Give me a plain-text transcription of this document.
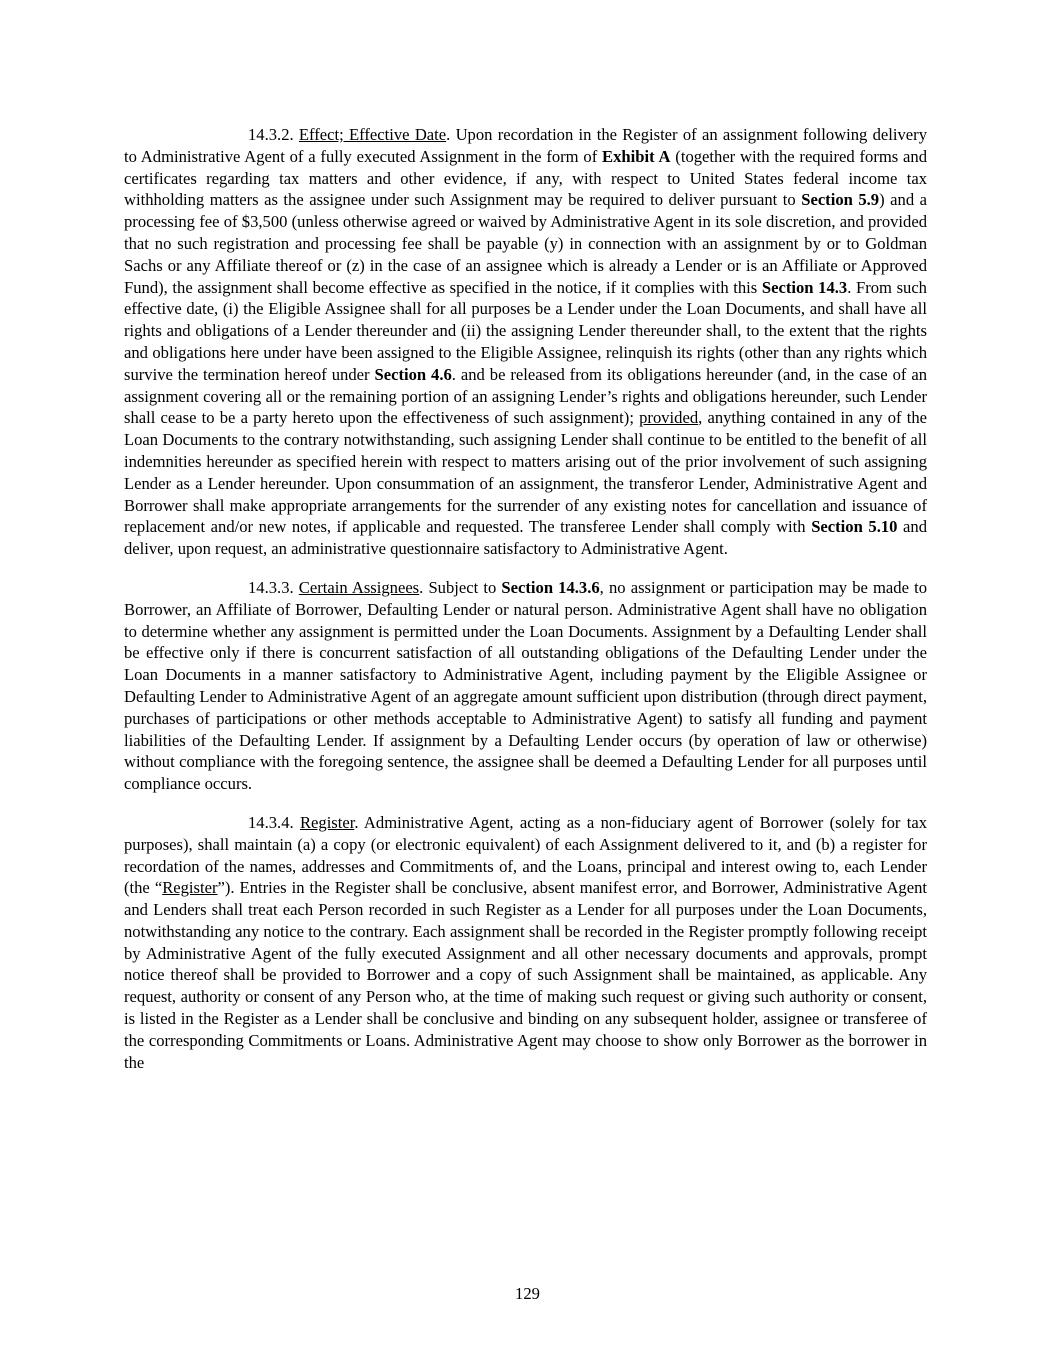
14.3.2. Effect; Effective Date. Upon recordation in the Register of an assignment following delivery to Administrative Agent of a fully executed Assignment in the form of Exhibit A (together with the required forms and certificates regarding tax matters and other evidence, if any, with respect to United States federal income tax withholding matters as the assignee under such Assignment may be required to deliver pursuant to Section 5.9) and a processing fee of $3,500 (unless otherwise agreed or waived by Administrative Agent in its sole discretion, and provided that no such registration and processing fee shall be payable (y) in connection with an assignment by or to Goldman Sachs or any Affiliate thereof or (z) in the case of an assignee which is already a Lender or is an Affiliate or Approved Fund), the assignment shall become effective as specified in the notice, if it complies with this Section 14.3. From such effective date, (i) the Eligible Assignee shall for all purposes be a Lender under the Loan Documents, and shall have all rights and obligations of a Lender thereunder and (ii) the assigning Lender thereunder shall, to the extent that the rights and obligations here under have been assigned to the Eligible Assignee, relinquish its rights (other than any rights which survive the termination hereof under Section 4.6. and be released from its obligations hereunder (and, in the case of an assignment covering all or the remaining portion of an assigning Lender’s rights and obligations hereunder, such Lender shall cease to be a party hereto upon the effectiveness of such assignment); provided, anything contained in any of the Loan Documents to the contrary notwithstanding, such assigning Lender shall continue to be entitled to the benefit of all indemnities hereunder as specified herein with respect to matters arising out of the prior involvement of such assigning Lender as a Lender hereunder. Upon consummation of an assignment, the transferor Lender, Administrative Agent and Borrower shall make appropriate arrangements for the surrender of any existing notes for cancellation and issuance of replacement and/or new notes, if applicable and requested. The transferee Lender shall comply with Section 5.10 and deliver, upon request, an administrative questionnaire satisfactory to Administrative Agent.

14.3.3. Certain Assignees. Subject to Section 14.3.6, no assignment or participation may be made to Borrower, an Affiliate of Borrower, Defaulting Lender or natural person. Administrative Agent shall have no obligation to determine whether any assignment is permitted under the Loan Documents. Assignment by a Defaulting Lender shall be effective only if there is concurrent satisfaction of all outstanding obligations of the Defaulting Lender under the Loan Documents in a manner satisfactory to Administrative Agent, including payment by the Eligible Assignee or Defaulting Lender to Administrative Agent of an aggregate amount sufficient upon distribution (through direct payment, purchases of participations or other methods acceptable to Administrative Agent) to satisfy all funding and payment liabilities of the Defaulting Lender. If assignment by a Defaulting Lender occurs (by operation of law or otherwise) without compliance with the foregoing sentence, the assignee shall be deemed a Defaulting Lender for all purposes until compliance occurs.

14.3.4. Register. Administrative Agent, acting as a non-fiduciary agent of Borrower (solely for tax purposes), shall maintain (a) a copy (or electronic equivalent) of each Assignment delivered to it, and (b) a register for recordation of the names, addresses and Commitments of, and the Loans, principal and interest owing to, each Lender (the “Register”). Entries in the Register shall be conclusive, absent manifest error, and Borrower, Administrative Agent and Lenders shall treat each Person recorded in such Register as a Lender for all purposes under the Loan Documents, notwithstanding any notice to the contrary. Each assignment shall be recorded in the Register promptly following receipt by Administrative Agent of the fully executed Assignment and all other necessary documents and approvals, prompt notice thereof shall be provided to Borrower and a copy of such Assignment shall be maintained, as applicable. Any request, authority or consent of any Person who, at the time of making such request or giving such authority or consent, is listed in the Register as a Lender shall be conclusive and binding on any subsequent holder, assignee or transferee of the corresponding Commitments or Loans. Administrative Agent may choose to show only Borrower as the borrower in the

129
